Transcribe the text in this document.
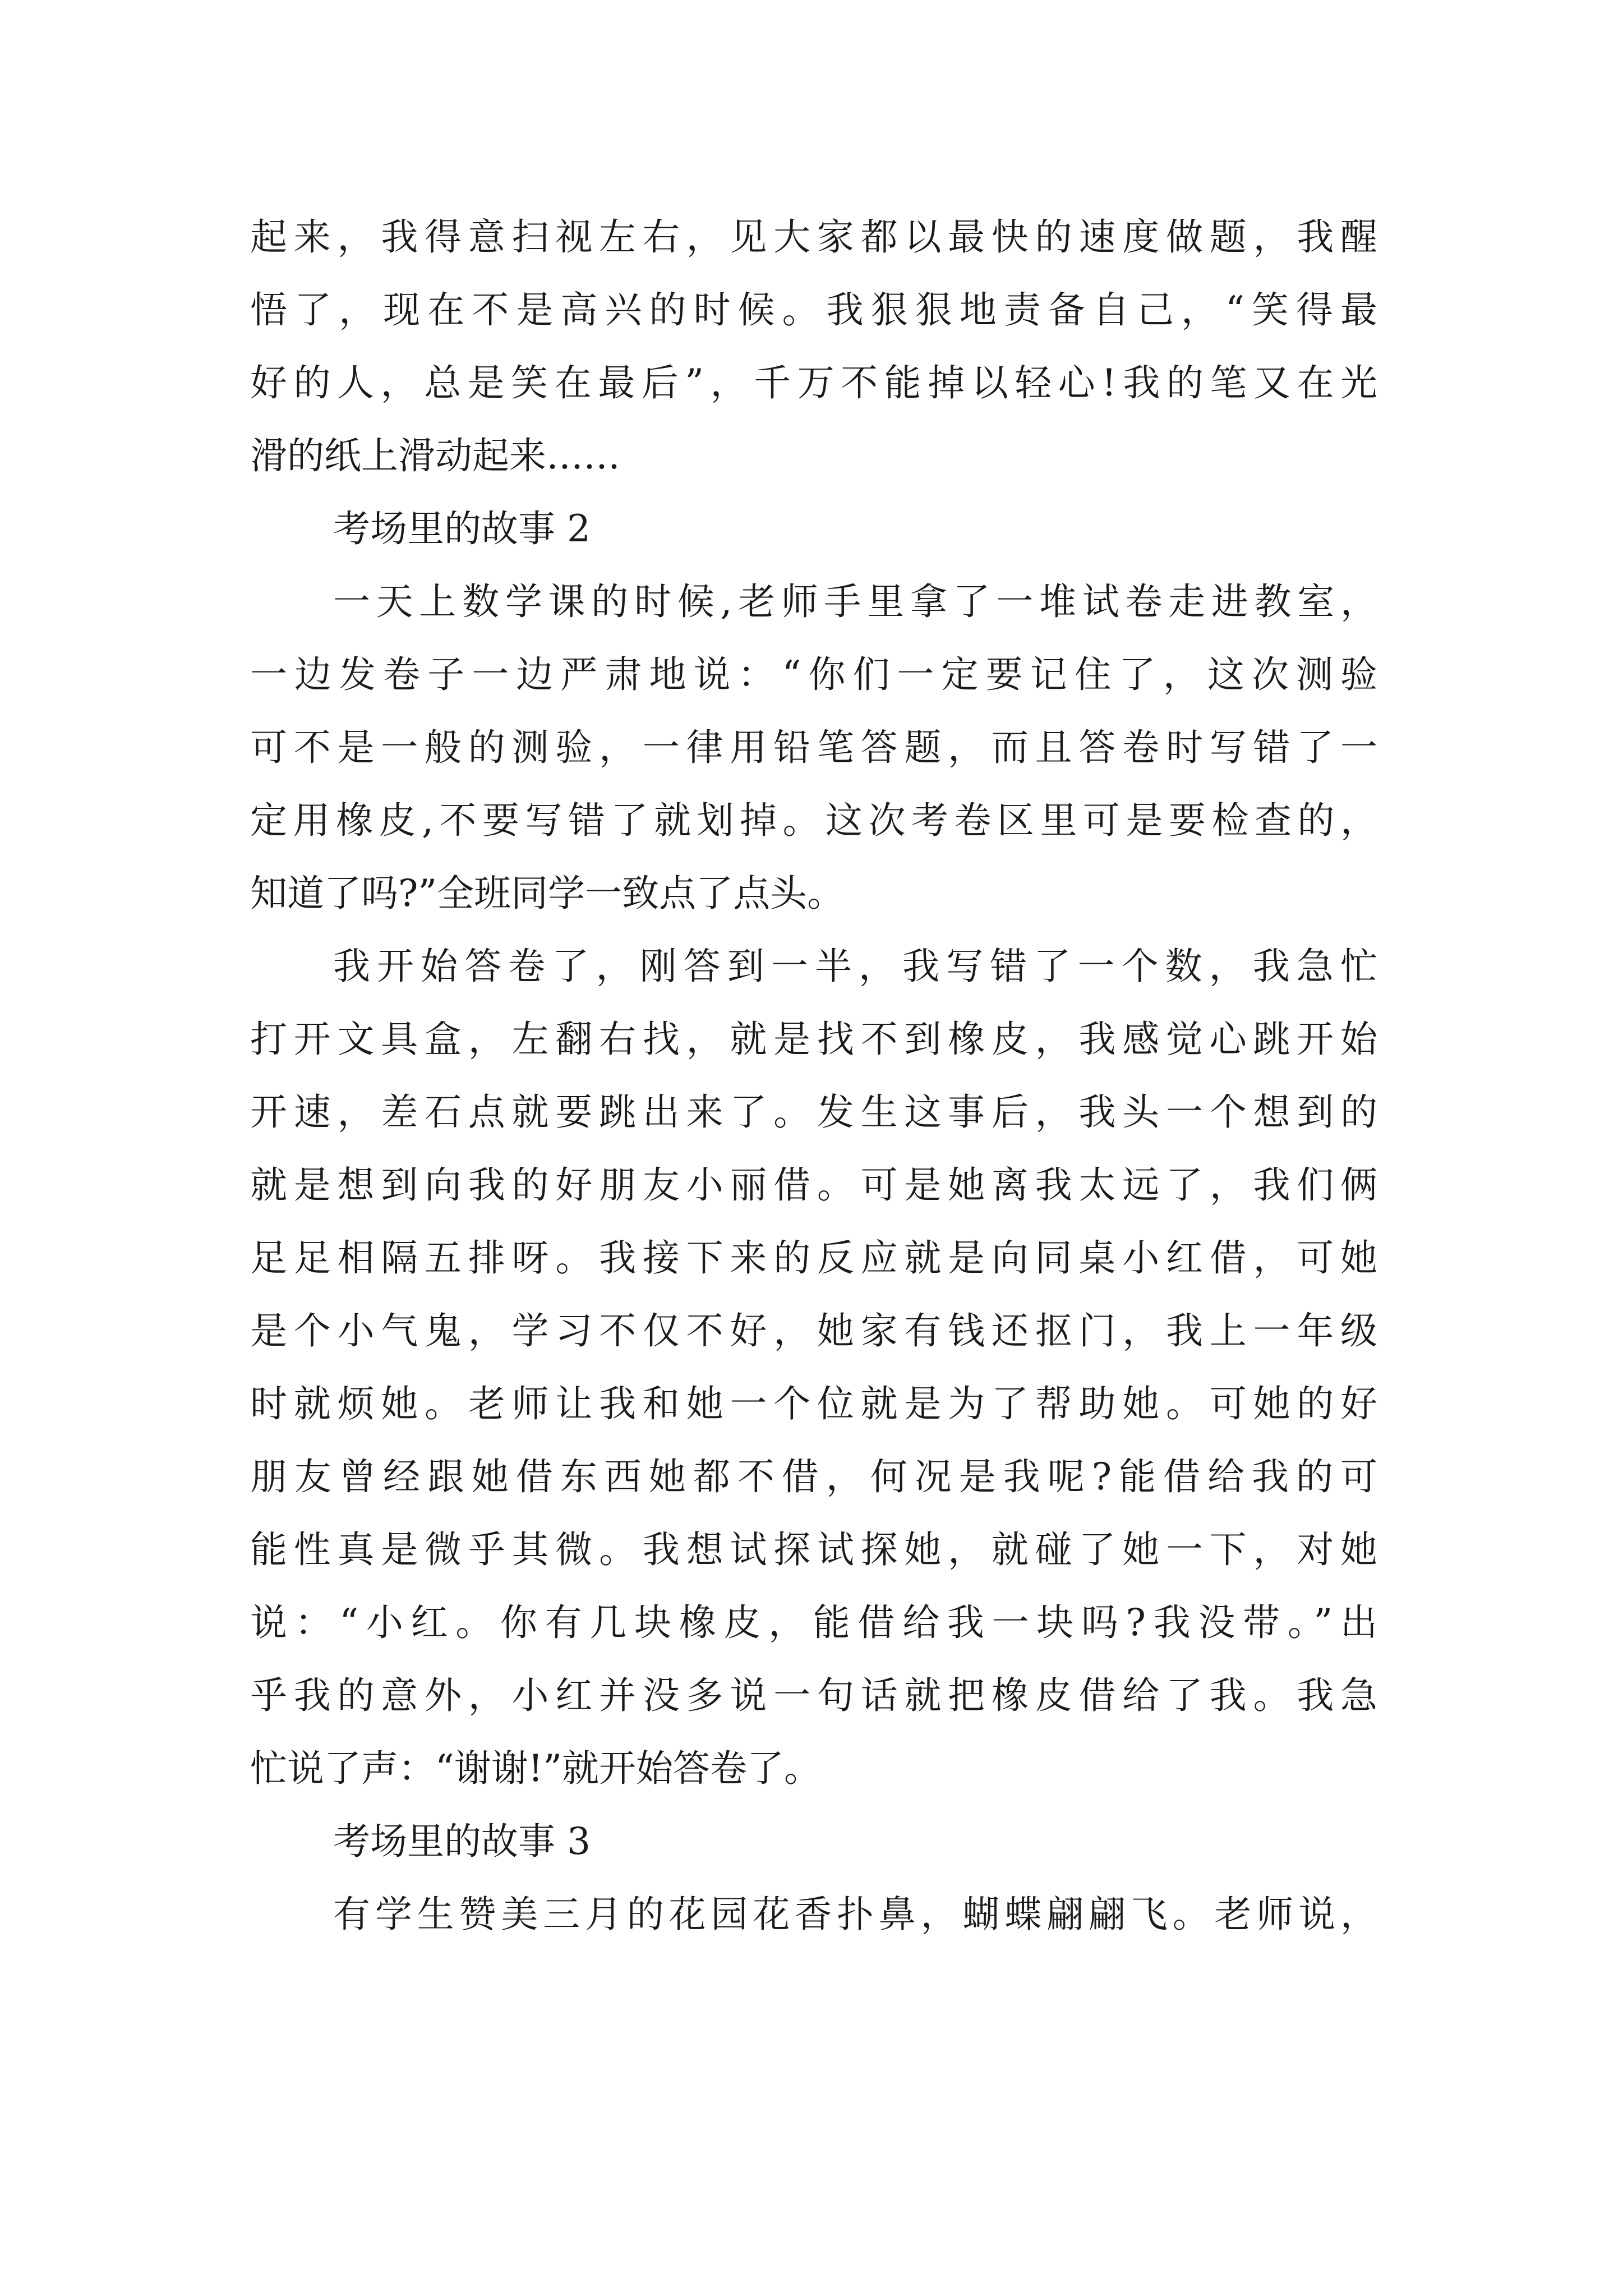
起来，我得意扫视左右，见大家都以最快的速度做题，我醒
悟了，现在不是高兴的时候。我狠狠地责备自己，“笑得最
好的人，总是笑在最后”，千万不能掉以轻心!我的笔又在光
滑的纸上滑动起来……
考场里的故事 2
一天上数学课的时候,老师手里拿了一堆试卷走进教室，
一边发卷子一边严肃地说：“你们一定要记住了，这次测验
可不是一般的测验，一律用铅笔答题，而且答卷时写错了一
定用橡皮,不要写错了就划掉。这次考卷区里可是要检查的，
知道了吗?”全班同学一致点了点头。
我开始答卷了，刚答到一半，我写错了一个数，我急忙
打开文具盒，左翻右找，就是找不到橡皮，我感觉心跳开始
开速，差石点就要跳出来了。发生这事后，我头一个想到的
就是想到向我的好朋友小丽借。可是她离我太远了，我们俩
足足相隔五排呀。我接下来的反应就是向同桌小红借，可她
是个小气鬼，学习不仅不好，她家有钱还抠门，我上一年级
时就烦她。老师让我和她一个位就是为了帮助她。可她的好
朋友曾经跟她借东西她都不借，何况是我呢?能借给我的可
能性真是微乎其微。我想试探试探她，就碰了她一下，对她
说：“小红。你有几块橡皮，能借给我一块吗?我没带。”出
乎我的意外，小红并没多说一句话就把橡皮借给了我。我急
忙说了声：“谢谢!”就开始答卷了。
考场里的故事 3
有学生赞美三月的花园花香扑鼻，蝴蝶翩翩飞。老师说，
